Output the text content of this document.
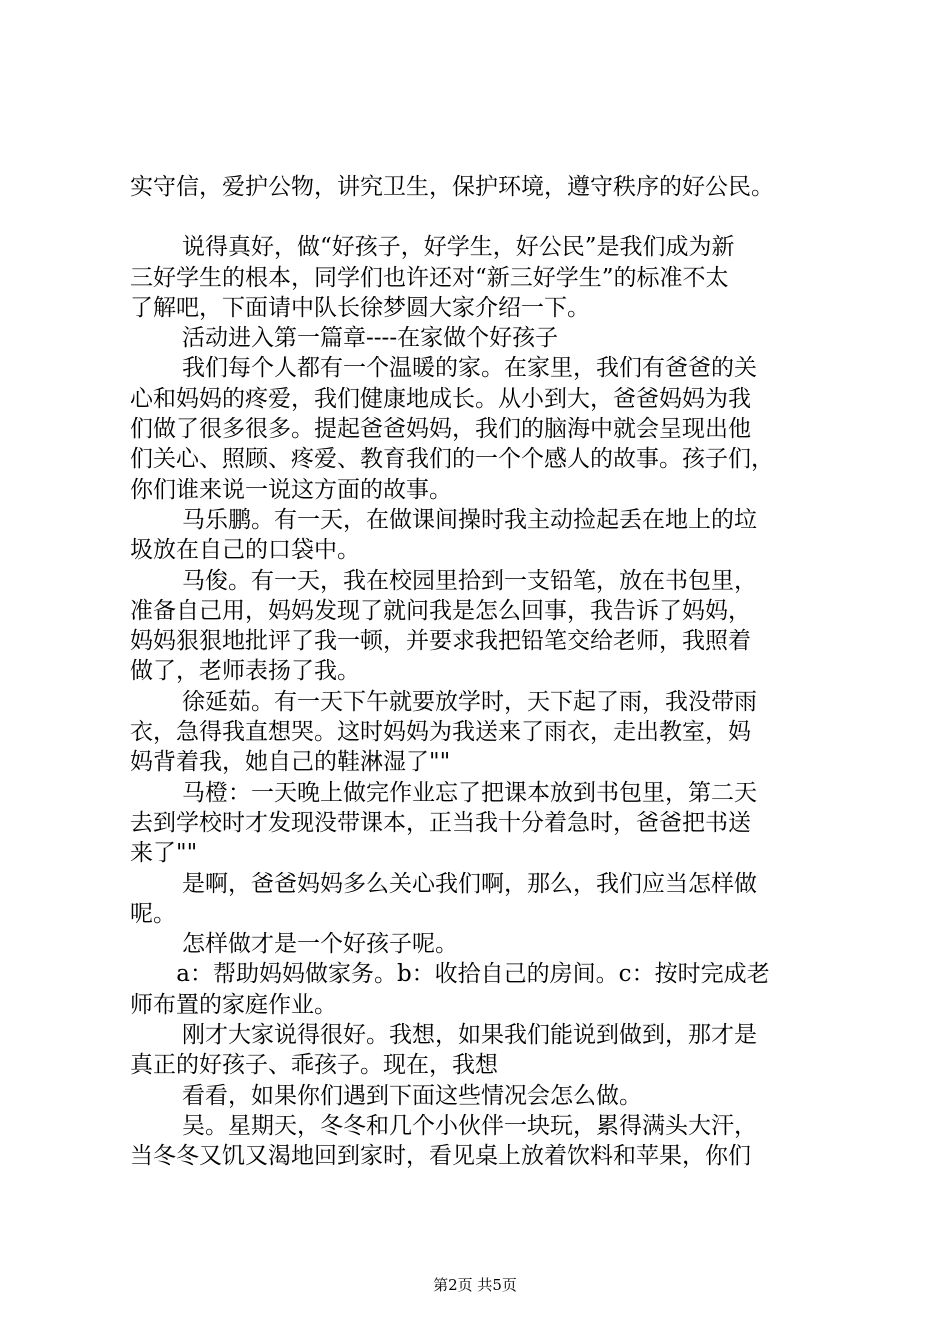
实守信，爱护公物，讲究卫生，保护环境，遵守秩序的好公民。
说得真好，做“好孩子，好学生，好公民”是我们成为新
三好学生的根本，同学们也许还对“新三好学生”的标准不太
了解吧，下面请中队长徐梦圆大家介绍一下。
活动进入第一篇章----在家做个好孩子
我们每个人都有一个温暖的家。在家里，我们有爸爸的关
心和妈妈的疼爱，我们健康地成长。从小到大，爸爸妈妈为我
们做了很多很多。提起爸爸妈妈，我们的脑海中就会呈现出他
们关心、照顾、疼爱、教育我们的一个个感人的故事。孩子们，
你们谁来说一说这方面的故事。
马乐鹏。有一天，在做课间操时我主动捡起丢在地上的垃
圾放在自己的口袋中。
马俊。有一天，我在校园里拾到一支铅笔，放在书包里，
准备自己用，妈妈发现了就问我是怎么回事，我告诉了妈妈，
妈妈狠狠地批评了我一顿，并要求我把铅笔交给老师，我照着
做了，老师表扬了我。
徐延茹。有一天下午就要放学时，天下起了雨，我没带雨
衣，急得我直想哭。这时妈妈为我送来了雨衣，走出教室，妈
妈背着我，她自己的鞋淋湿了""
马橙：一天晚上做完作业忘了把课本放到书包里，第二天
去到学校时才发现没带课本，正当我十分着急时，爸爸把书送
来了""
是啊，爸爸妈妈多么关心我们啊，那么，我们应当怎样做
呢。
怎样做才是一个好孩子呢。
a：帮助妈妈做家务。b：收拾自己的房间。c：按时完成老
师布置的家庭作业。
刚才大家说得很好。我想，如果我们能说到做到，那才是
真正的好孩子、乖孩子。现在，我想
看看，如果你们遇到下面这些情况会怎么做。
吴。星期天，冬冬和几个小伙伴一块玩，累得满头大汗，
当冬冬又饥又渴地回到家时，看见桌上放着饮料和苹果，你们
第2页 共5页
